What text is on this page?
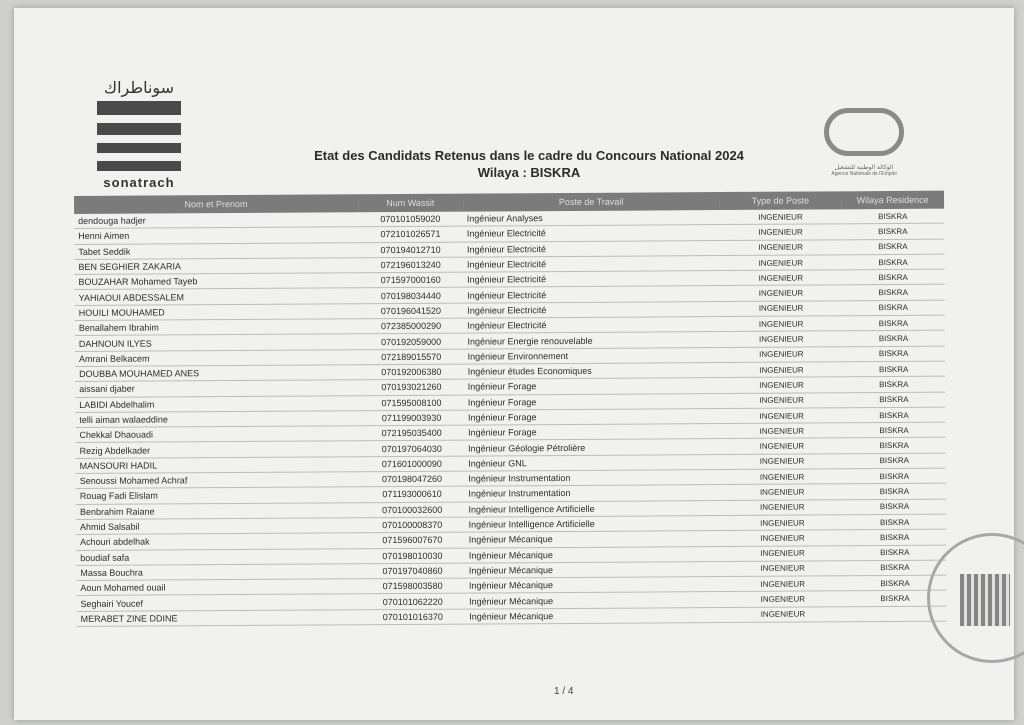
سوناطراك
sonatrach
الوكالة الوطنية للتشغيل
Agence Nationale de l'Emploi
Etat des Candidats Retenus dans le cadre du Concours National 2024
Wilaya : BISKRA
Nom et Prenom	Num Wassit	Poste de Travail	Type de Poste	Wilaya Residence
dendouga hadjer	070101059020	Ingénieur Analyses	INGENIEUR	BISKRA
Henni Aimen	072101026571	Ingénieur Electricité	INGENIEUR	BISKRA
Tabet Seddik	070194012710	Ingénieur Electricité	INGENIEUR	BISKRA
BEN SEGHIER ZAKARIA	072196013240	Ingénieur Electricité	INGENIEUR	BISKRA
BOUZAHAR Mohamed Tayeb	071597000160	Ingénieur Electricité	INGENIEUR	BISKRA
YAHIAOUI ABDESSALEM	070198034440	Ingénieur Electricité	INGENIEUR	BISKRA
HOUILI MOUHAMED	070196041520	Ingénieur Electricité	INGENIEUR	BISKRA
Benallahem Ibrahim	072385000290	Ingénieur Electricité	INGENIEUR	BISKRA
DAHNOUN ILYES	070192059000	Ingénieur Energie renouvelable	INGENIEUR	BISKRA
Amrani Belkacem	072189015570	Ingénieur Environnement	INGENIEUR	BISKRA
DOUBBA MOUHAMED ANES	070192006380	Ingénieur études Economiques	INGENIEUR	BISKRA
aissani djaber	070193021260	Ingénieur Forage	INGENIEUR	BISKRA
LABIDI Abdelhalim	071595008100	Ingénieur Forage	INGENIEUR	BISKRA
telli aiman walaeddine	071199003930	Ingénieur Forage	INGENIEUR	BISKRA
Chekkal Dhaouadi	072195035400	Ingénieur Forage	INGENIEUR	BISKRA
Rezig Abdelkader	070197064030	Ingénieur Géologie Pétrolière	INGENIEUR	BISKRA
MANSOURI HADIL	071601000090	Ingénieur GNL	INGENIEUR	BISKRA
Senoussi Mohamed Achraf	070198047260	Ingénieur Instrumentation	INGENIEUR	BISKRA
Rouag Fadi Elislam	071193000610	Ingénieur Instrumentation	INGENIEUR	BISKRA
Benbrahim Raiane	070100032600	Ingénieur Intelligence Artificielle	INGENIEUR	BISKRA
Ahmid Salsabil	070100008370	Ingénieur Intelligence Artificielle	INGENIEUR	BISKRA
Achouri abdelhak	071596007670	Ingénieur Mécanique	INGENIEUR	BISKRA
boudiaf safa	070198010030	Ingénieur Mécanique	INGENIEUR	BISKRA
Massa Bouchra	070197040860	Ingénieur Mécanique	INGENIEUR	BISKRA
Aoun Mohamed ouail	071598003580	Ingénieur Mécanique	INGENIEUR	BISKRA
Seghairi Youcef	070101062220	Ingénieur Mécanique	INGENIEUR	BISKRA
MERABET ZINE DDINE	070101016370	Ingénieur Mécanique	INGENIEUR	
1 / 4
